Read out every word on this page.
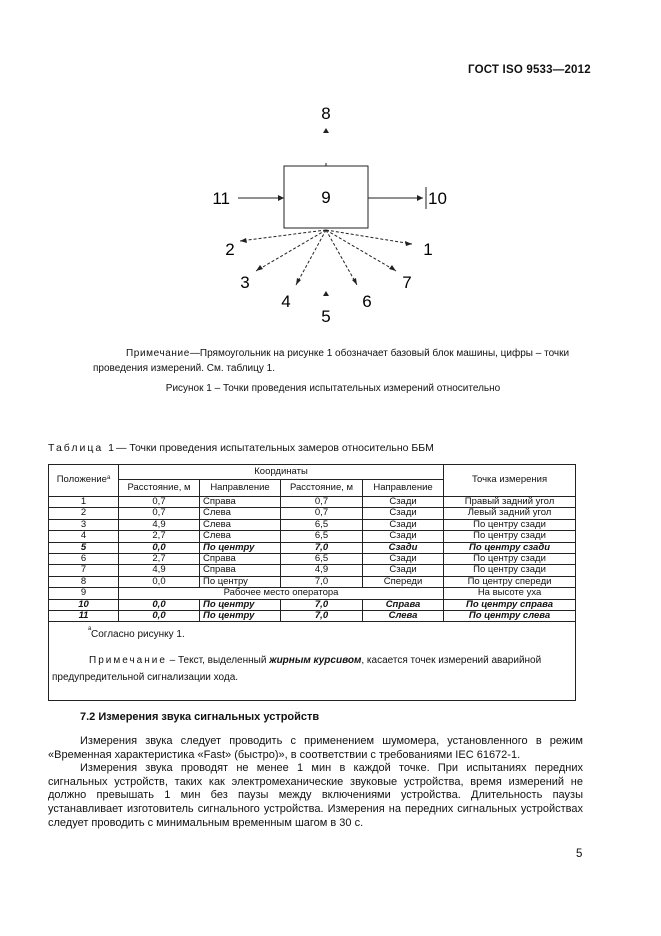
ГОСТ ISO 9533—2012
8
9
11	10
2	1
3	7
4	6
5
Примечание—Прямоугольник на рисунке 1 обозначает базовый блок машины, цифры – точки проведения измерений. См. таблицу 1.
Рисунок 1 – Точки проведения испытательных измерений относительно
Таблица 1— Точки проведения испытательных замеров относительно ББМ
Положение$^а$	Координаты				Точка измерения
	Расстояние, м	Направление	Расстояние, м	Направление	
1	0,7	Справа	0,7	Сзади	Правый задний угол
2	0,7	Слева	0,7	Сзади	Левый задний угол
3	4,9	Слева	6,5	Сзади	По центру сзади
4	2,7	Слева	6,5	Сзади	По центру сзади
5	0,0	По центру	7,0	Сзади	По центру сзади
6	2,7	Справа	6,5	Сзади	По центру сзади
7	4,9	Справа	4,9	Сзади	По центру сзади
8	0,0	По центру	7,0	Спереди	По центру спереди
9	Рабочее место оператора				На высоте уха
10	0,0	По центру	7,0	Справа	По центру справа
11	0,0	По центру	7,0	Слева	По центру слева

а Согласно рисунку 1.
Примечание – Текст, выделенный жирным курсивом, касается точек измерений аварийной предупредительной сигнализации хода.					
7.2 Измерения звука сигнальных устройств

Измерения звука следует проводить с применением шумомера, установленного в режим «Временная характеристика «Fast» (быстро)», в соответствии с требованиями IEC 61672-1.

Измерения звука проводят не менее 1 мин в каждой точке. При испытаниях передних сигнальных устройств, таких как электромеханические звуковые устройства, время измерений не должно превышать 1 мин без паузы между включениями устройства. Длительность паузы устанавливает изготовитель сигнального устройства. Измерения на передних сигнальных устройствах следует проводить с минимальным временным шагом в 30 с.

5
